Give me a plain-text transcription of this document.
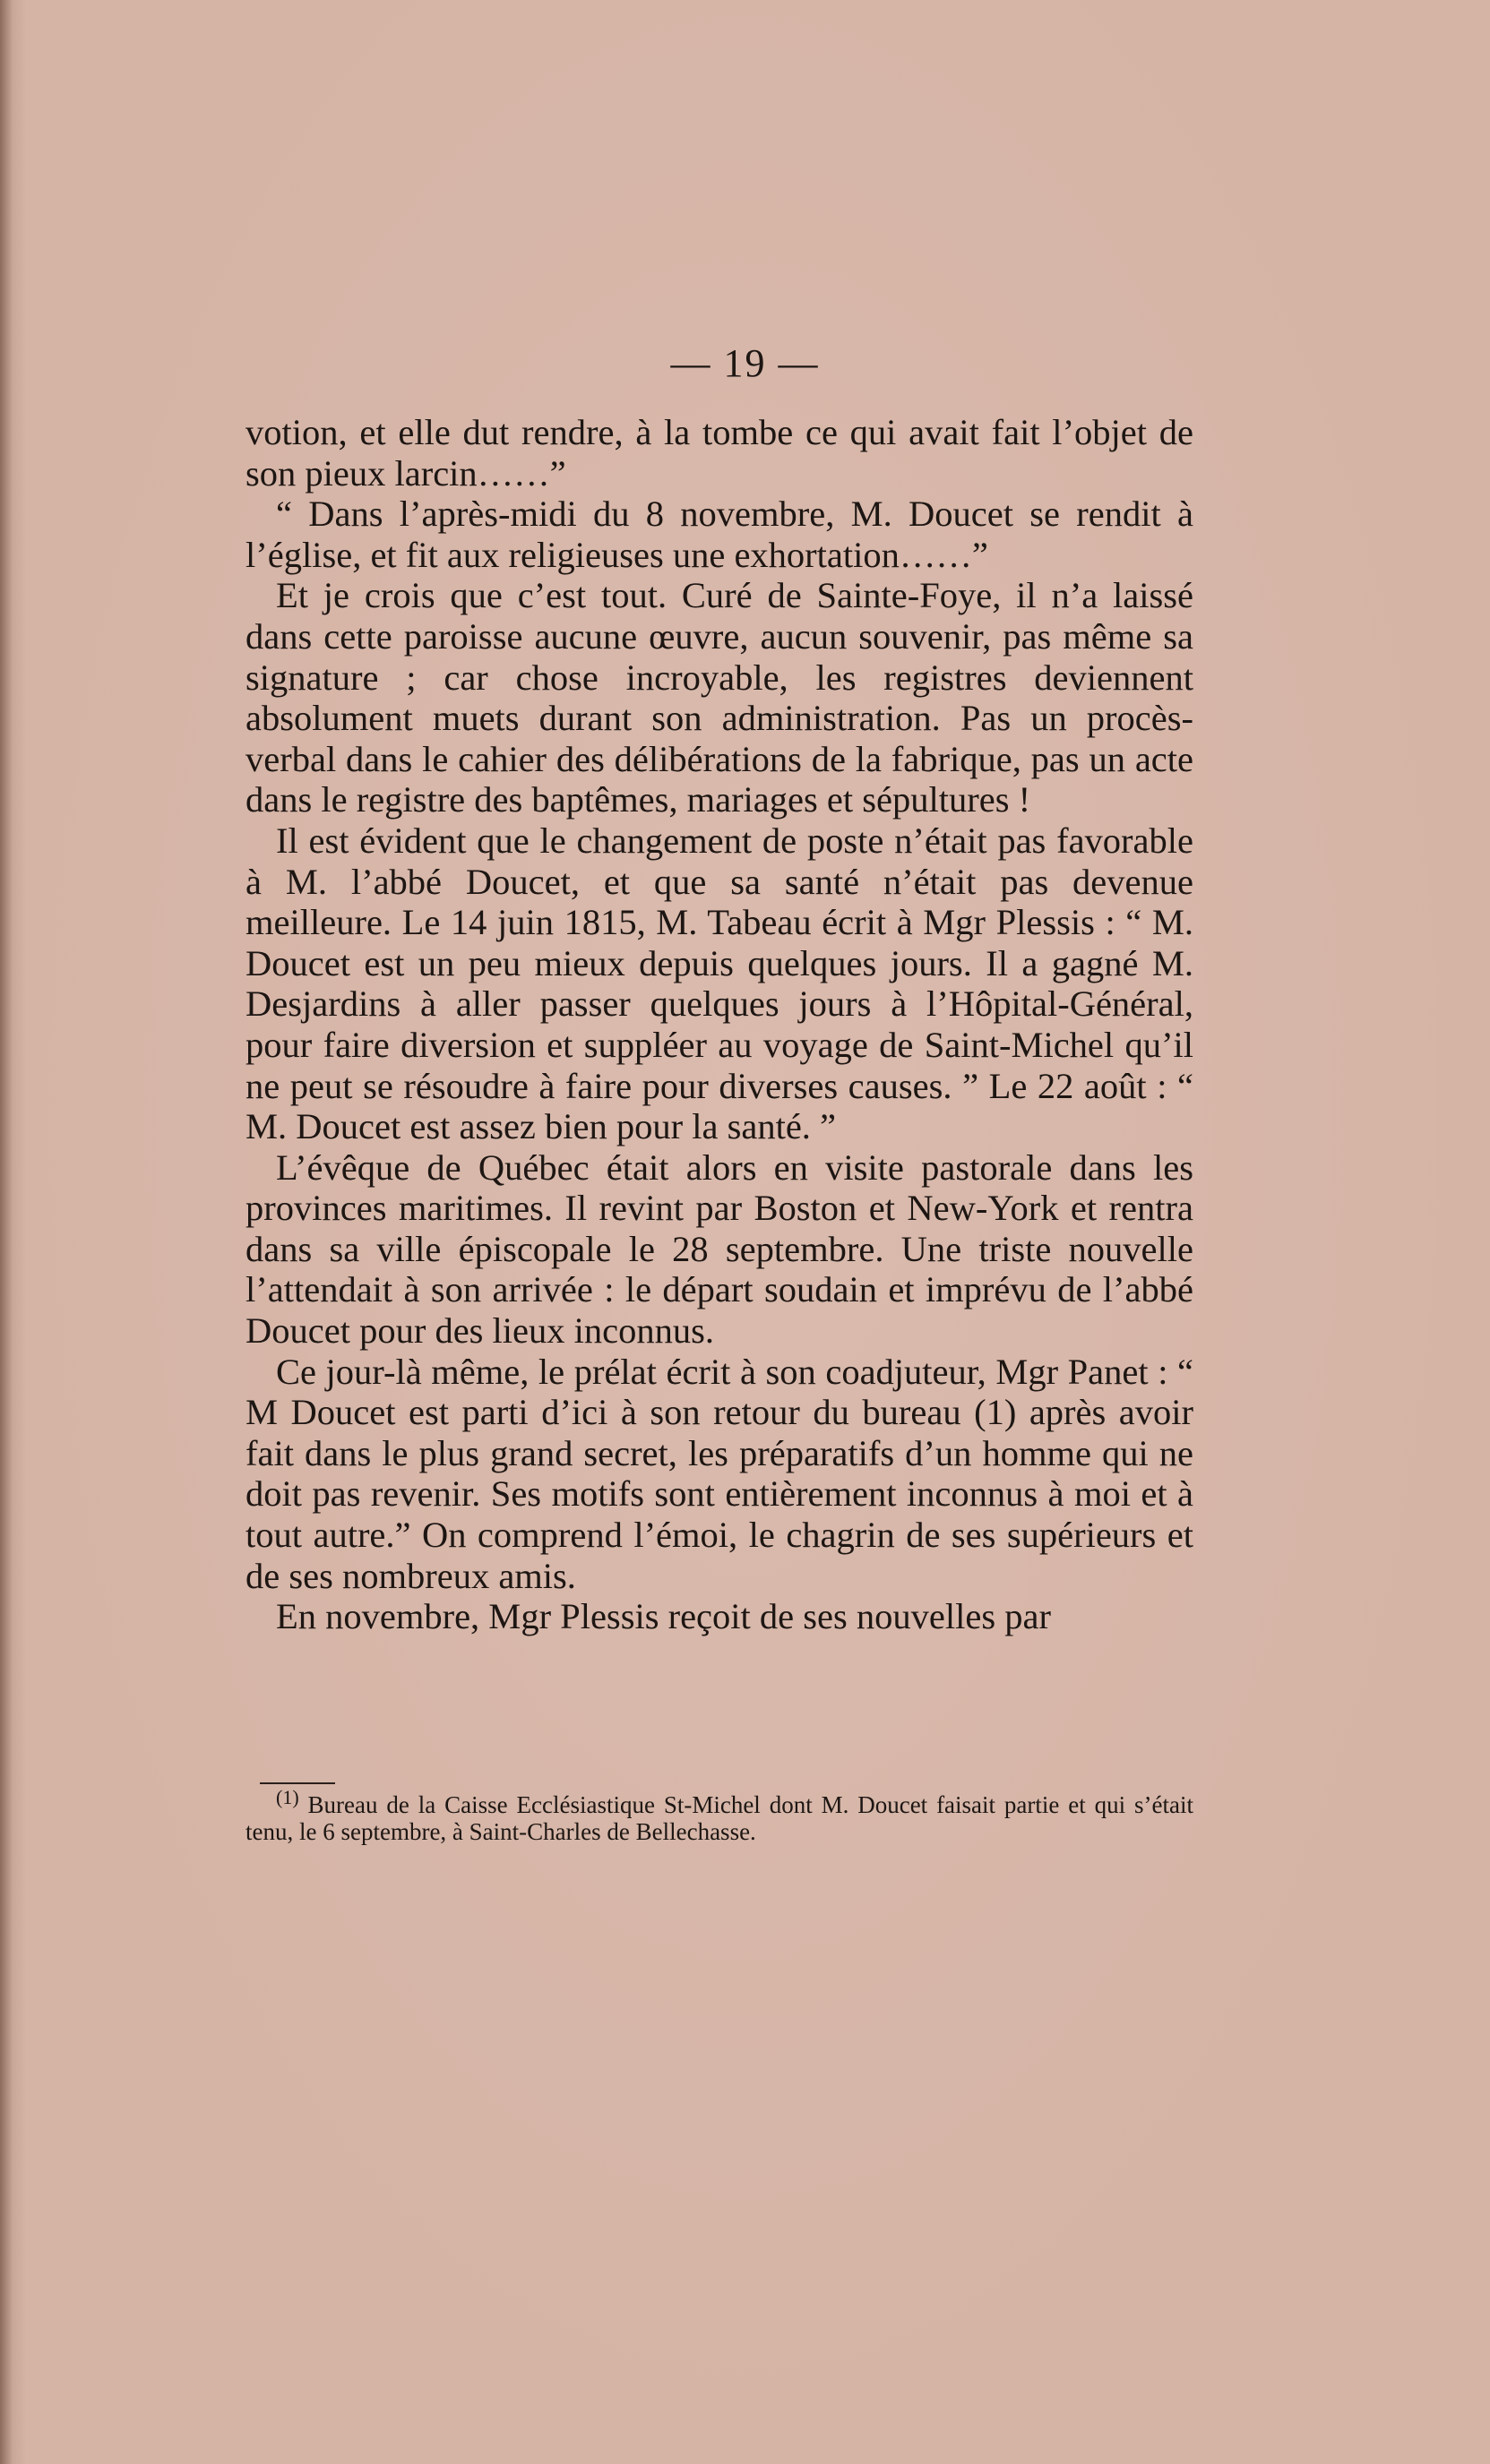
— 19 —

votion, et elle dut rendre, à la tombe ce qui avait fait l’objet de son pieux larcin……”

“ Dans l’après-midi du 8 novembre, M. Doucet se rendit à l’église, et fit aux religieuses une exhortation……”

Et je crois que c’est tout. Curé de Sainte-Foye, il n’a laissé dans cette paroisse aucune œuvre, aucun souvenir, pas même sa signature ; car chose incroyable, les registres deviennent absolument muets durant son administration. Pas un procès-verbal dans le cahier des délibérations de la fabrique, pas un acte dans le registre des baptêmes, mariages et sépultures !

Il est évident que le changement de poste n’était pas favorable à M. l’abbé Doucet, et que sa santé n’était pas devenue meilleure. Le 14 juin 1815, M. Tabeau écrit à Mgr Plessis : “ M. Doucet est un peu mieux depuis quelques jours. Il a gagné M. Desjardins à aller passer quelques jours à l’Hôpital-Général, pour faire diversion et suppléer au voyage de Saint-Michel qu’il ne peut se résoudre à faire pour diverses causes. ” Le 22 août : “ M. Doucet est assez bien pour la santé. ”

L’évêque de Québec était alors en visite pastorale dans les provinces maritimes. Il revint par Boston et New-York et rentra dans sa ville épiscopale le 28 septembre. Une triste nouvelle l’attendait à son arrivée : le départ soudain et imprévu de l’abbé Doucet pour des lieux inconnus.

Ce jour-là même, le prélat écrit à son coadjuteur, Mgr Panet : “ M Doucet est parti d’ici à son retour du bureau (1) après avoir fait dans le plus grand secret, les préparatifs d’un homme qui ne doit pas revenir. Ses motifs sont entièrement inconnus à moi et à tout autre.” On comprend l’émoi, le chagrin de ses supérieurs et de ses nombreux amis.

En novembre, Mgr Plessis reçoit de ses nouvelles par

$^{(1)}$ Bureau de la Caisse Ecclésiastique St-Michel dont M. Doucet faisait partie et qui s’était tenu, le 6 septembre, à Saint-Charles de Bellechasse.
